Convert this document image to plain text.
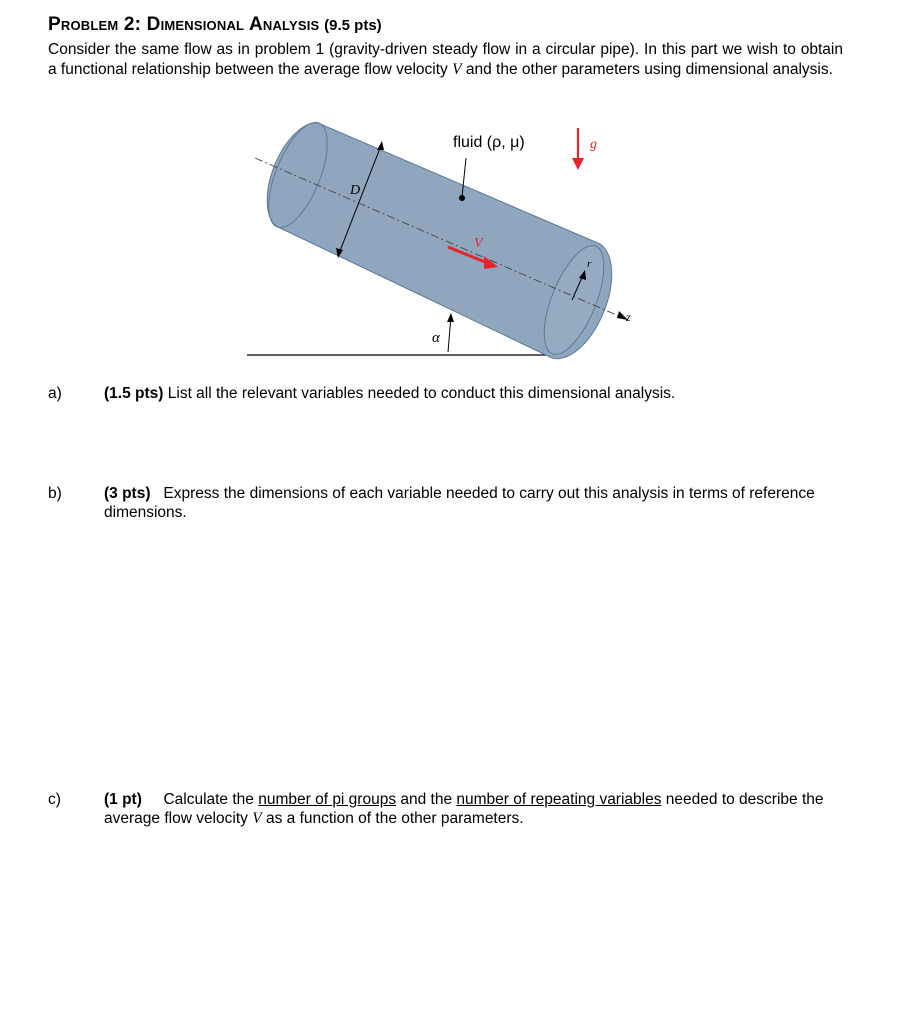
Problem 2: Dimensional Analysis (9.5 pts)
Consider the same flow as in problem 1 (gravity-driven steady flow in a circular pipe). In this part we wish to obtain a functional relationship between the average flow velocity V and the other parameters using dimensional analysis.
fluid (ρ, μ)	g
D
V
r
z
α
a)	(1.5 pts) List all the relevant variables needed to conduct this dimensional analysis.
b)	(3 pts) Express the dimensions of each variable needed to carry out this analysis in terms of reference dimensions.
c)	(1 pt) Calculate the number of pi groups and the number of repeating variables needed to describe the average flow velocity V as a function of the other parameters.
